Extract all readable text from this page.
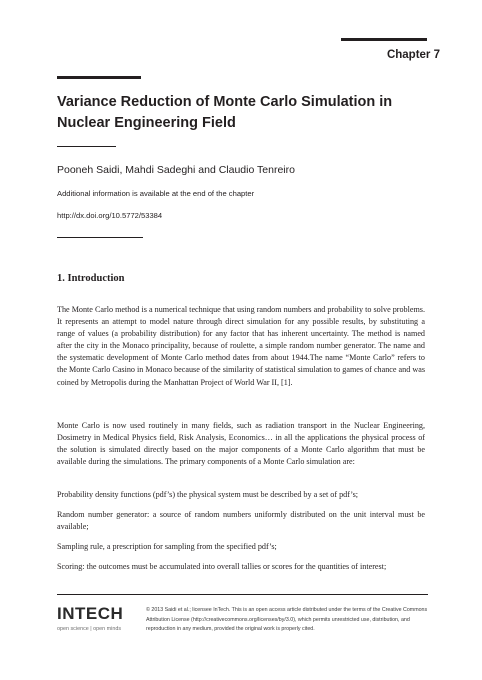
Chapter 7
Variance Reduction of Monte Carlo Simulation in Nuclear Engineering Field
Pooneh Saidi, Mahdi Sadeghi and Claudio Tenreiro
Additional information is available at the end of the chapter
http://dx.doi.org/10.5772/53384
1. Introduction
The Monte Carlo method is a numerical technique that using random numbers and probability to solve problems. It represents an attempt to model nature through direct simulation for any possible results, by substituting a range of values (a probability distribution) for any factor that has inherent uncertainty. The method is named after the city in the Monaco principality, because of roulette, a simple random number generator. The name and the systematic development of Monte Carlo method dates from about 1944.The name “Monte Carlo” refers to the Monte Carlo Casino in Monaco because of the similarity of statistical simulation to games of chance and was coined by Metropolis during the Manhattan Project of World War II, [1].
Monte Carlo is now used routinely in many fields, such as radiation transport in the Nuclear Engineering, Dosimetry in Medical Physics field, Risk Analysis, Economics… in all the applications the physical process of the solution is simulated directly based on the major components of a Monte Carlo algorithm that must be available during the simulations. The primary components of a Monte Carlo simulation are:
Probability density functions (pdf’s) the physical system must be described by a set of pdf’s;
Random number generator: a source of random numbers uniformly distributed on the unit interval must be available;
Sampling rule, a prescription for sampling from the specified pdf’s;
Scoring: the outcomes must be accumulated into overall tallies or scores for the quantities of interest;
INTECH
open science | open minds
© 2013 Saidi et al.; licensee InTech. This is an open access article distributed under the terms of the Creative Commons Attribution License (http://creativecommons.org/licenses/by/3.0), which permits unrestricted use, distribution, and reproduction in any medium, provided the original work is properly cited.
